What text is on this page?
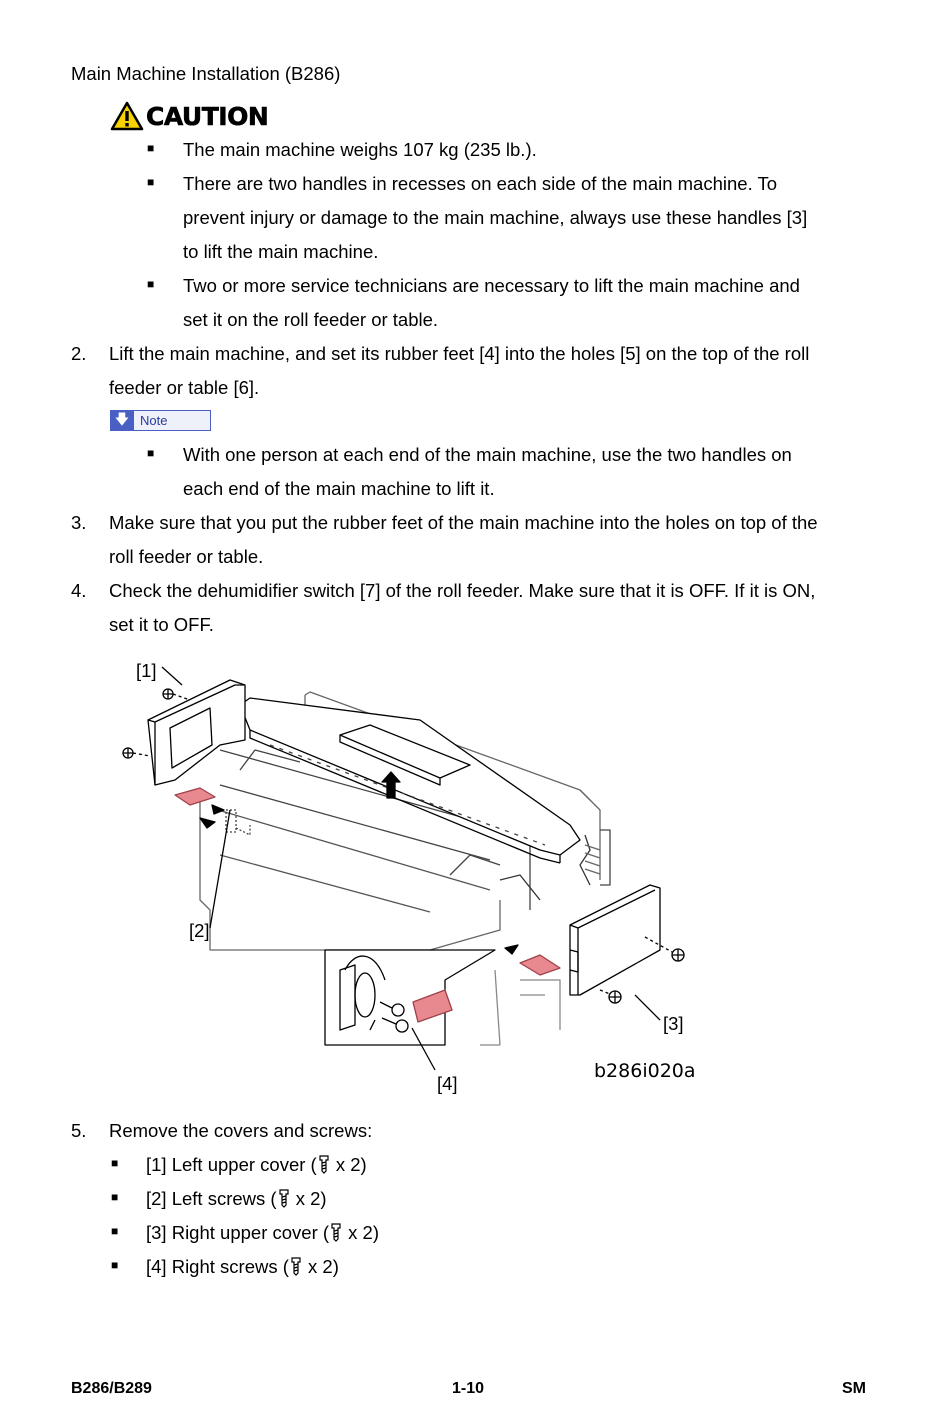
Main Machine Installation (B286)
CAUTION
■ The main machine weighs 107 kg (235 lb.).
■ There are two handles in recesses on each side of the main machine. To
prevent injury or damage to the main machine, always use these handles [3]
to lift the main machine.
■ Two or more service technicians are necessary to lift the main machine and
set it on the roll feeder or table.
2.	Lift the main machine, and set its rubber feet [4] into the holes [5] on the top of the roll
feeder or table [6].
🡇 Note
■ With one person at each end of the main machine, use the two handles on
each end of the main machine to lift it.
3.	Make sure that you put the rubber feet of the main machine into the holes on top of the
roll feeder or table.
4.	Check the dehumidifier switch [7] of the roll feeder. Make sure that it is OFF. If it is ON,
set it to OFF.
[1]
[2]
[3]
[4]
b286i020a
5.	Remove the covers and screws:
■ [1] Left upper cover ( x 2)
■ [2] Left screws ( x 2)
■ [3] Right upper cover ( x 2)
■ [4] Right screws ( x 2)
B286/B289	1-10	SM
